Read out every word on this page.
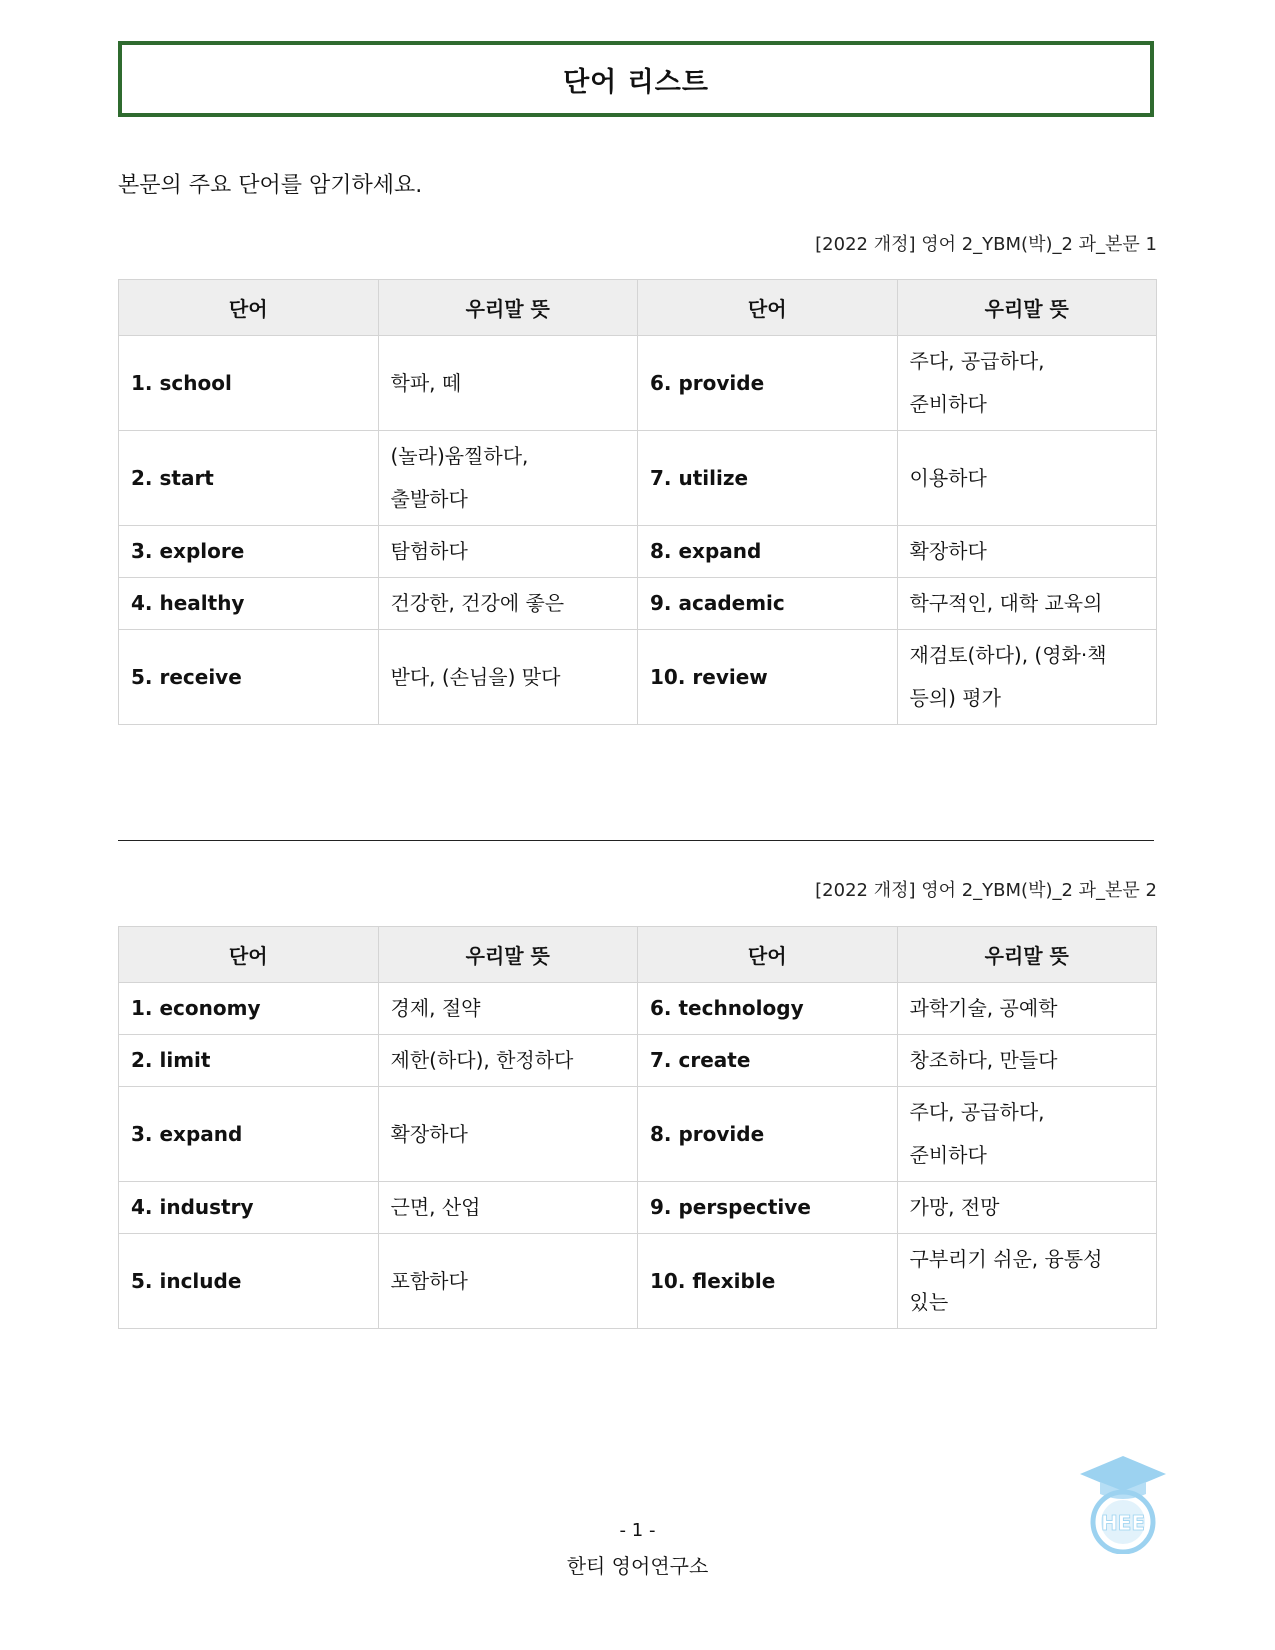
단어 리스트
본문의 주요 단어를 암기하세요.
[2022 개정] 영어 2_YBM(박)_2 과_본문 1
단어	우리말 뜻	단어	우리말 뜻
1. school	학파, 떼	6. provide	주다, 공급하다,
준비하다

2. start	(놀라)움찔하다,
출발하다	7. utilize	이용하다

3. explore	탐험하다	8. expand	확장하다

4. healthy	건강한, 건강에 좋은	9. academic	학구적인, 대학 교육의

5. receive	받다, (손님을) 맞다	10. review	재검토(하다), (영화·책
등의) 평가
[2022 개정] 영어 2_YBM(박)_2 과_본문 2
단어	우리말 뜻	단어	우리말 뜻
1. economy	경제, 절약	6. technology	과학기술, 공예학

2. limit	제한(하다), 한정하다	7. create	창조하다, 만들다

3. expand	확장하다	8. provide	주다, 공급하다,
준비하다

4. industry	근면, 산업	9. perspective	가망, 전망

5. include	포함하다	10. flexible	구부리기 쉬운, 융통성
있는
- 1 -
한티 영어연구소
HEE
